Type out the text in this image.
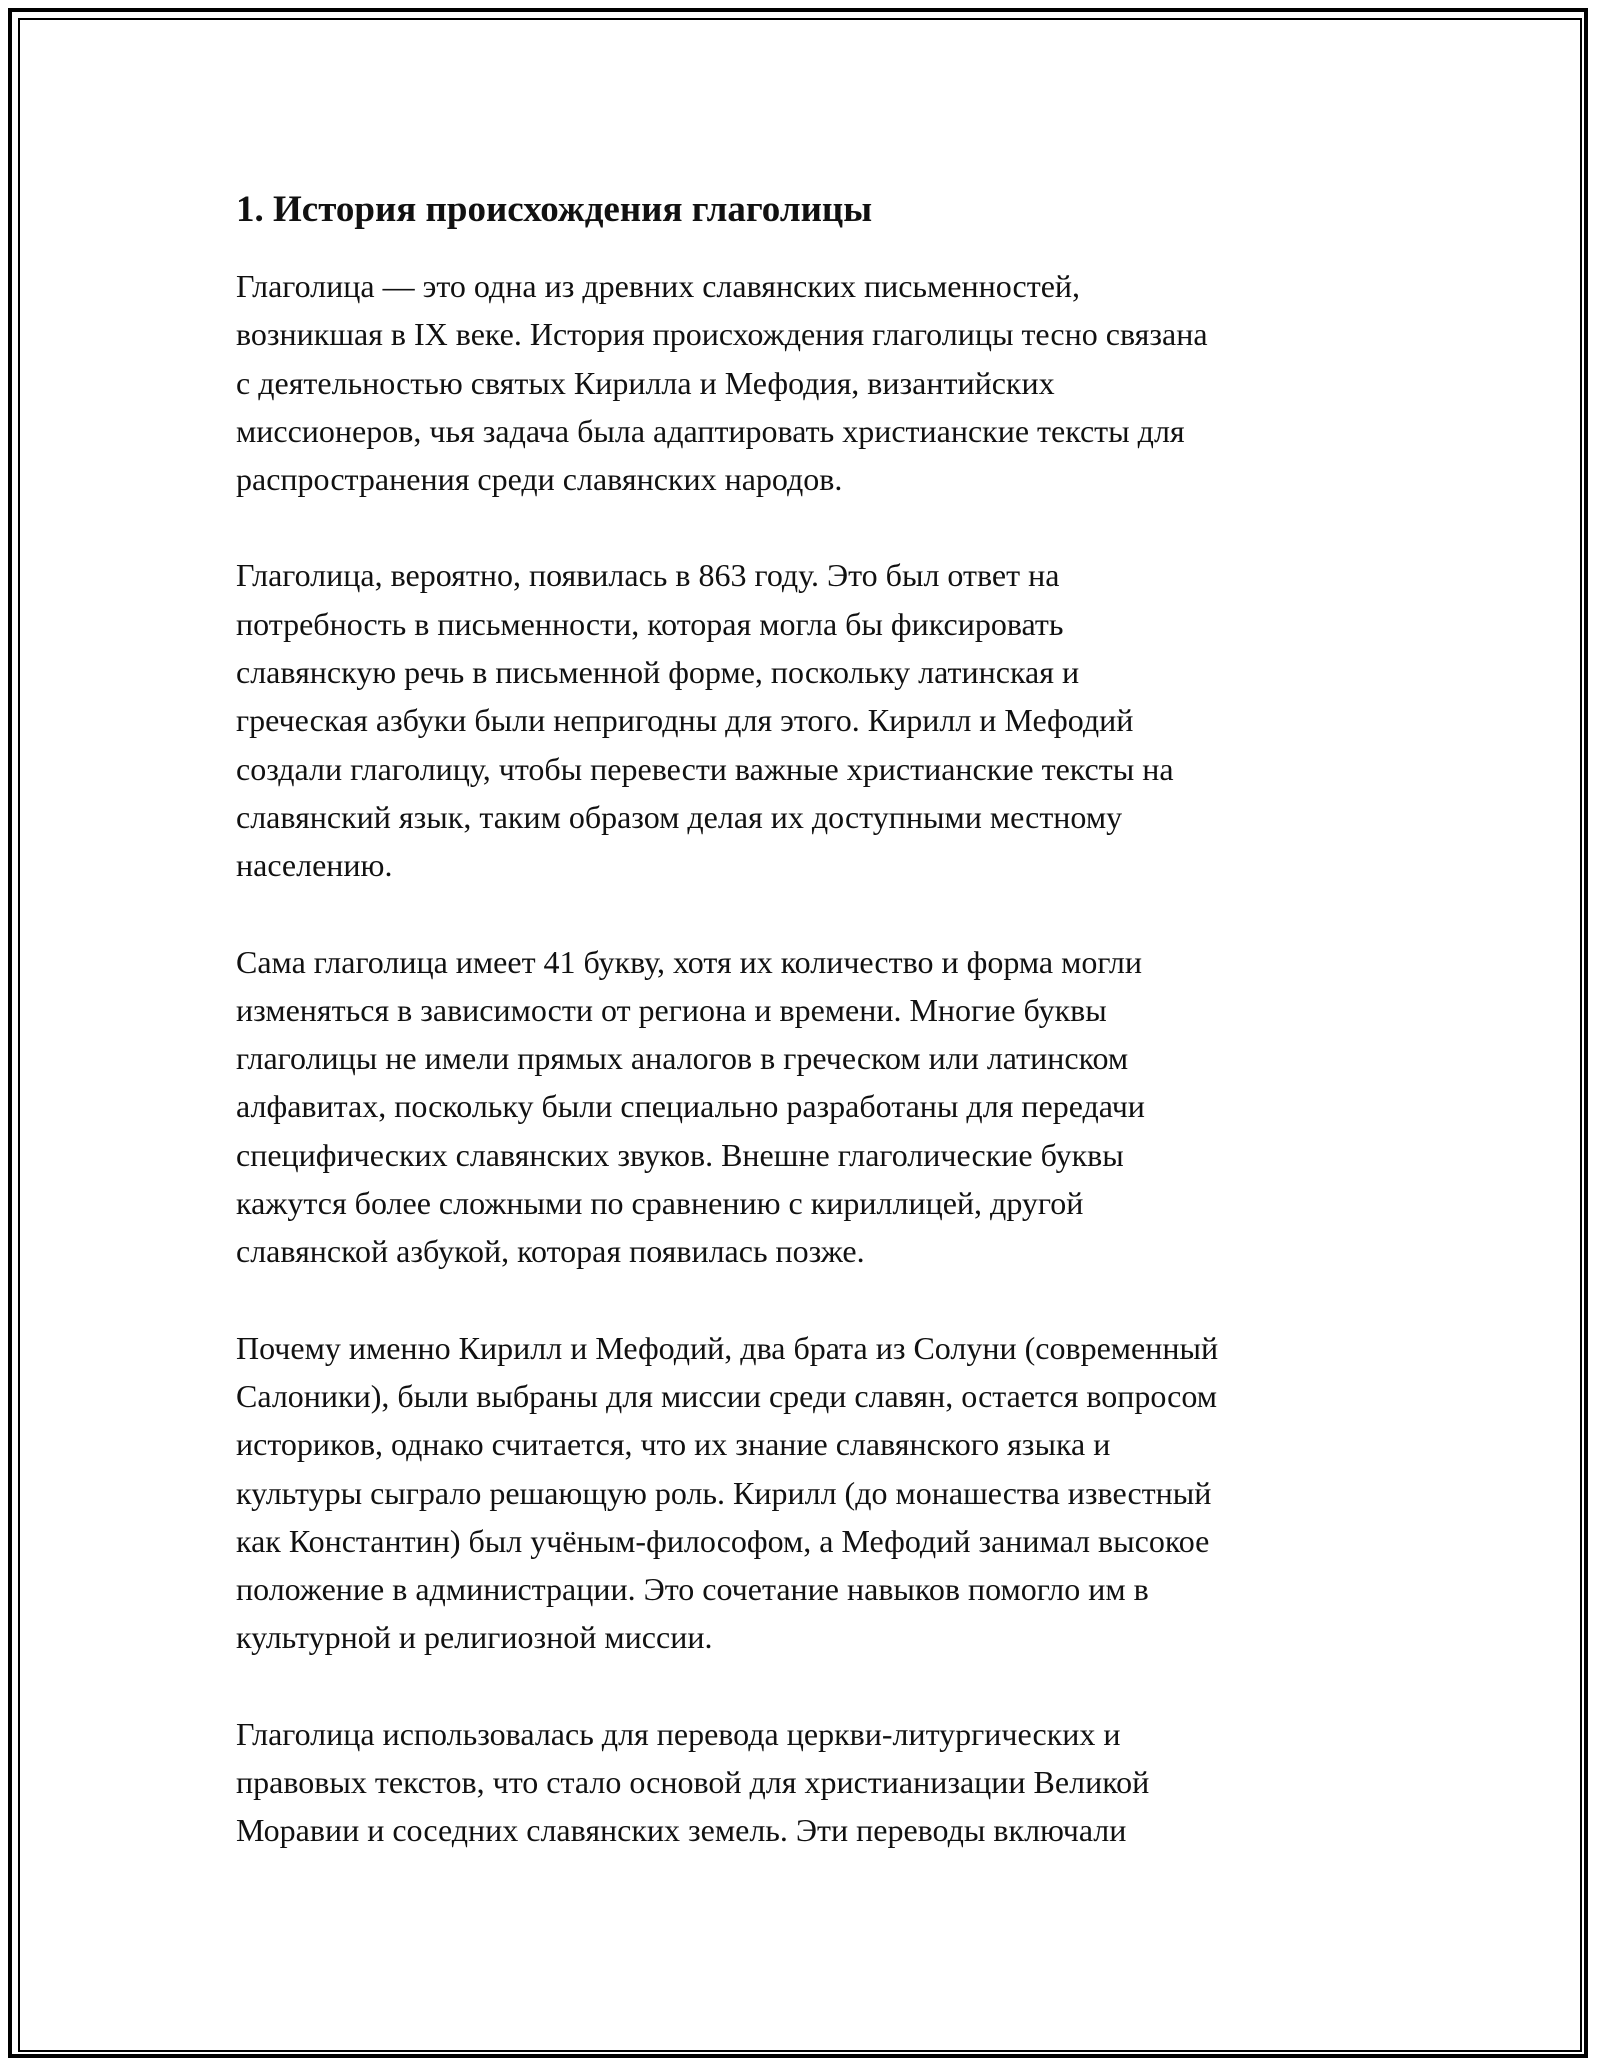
1. История происхождения глаголицы

Глаголица — это одна из древних славянских письменностей,
возникшая в IX веке. История происхождения глаголицы тесно связана
с деятельностью святых Кирилла и Мефодия, византийских
миссионеров, чья задача была адаптировать христианские тексты для
распространения среди славянских народов.

Глаголица, вероятно, появилась в 863 году. Это был ответ на
потребность в письменности, которая могла бы фиксировать
славянскую речь в письменной форме, поскольку латинская и
греческая азбуки были непригодны для этого. Кирилл и Мефодий
создали глаголицу, чтобы перевести важные христианские тексты на
славянский язык, таким образом делая их доступными местному
населению.

Сама глаголица имеет 41 букву, хотя их количество и форма могли
изменяться в зависимости от региона и времени. Многие буквы
глаголицы не имели прямых аналогов в греческом или латинском
алфавитах, поскольку были специально разработаны для передачи
специфических славянских звуков. Внешне глаголические буквы
кажутся более сложными по сравнению с кириллицей, другой
славянской азбукой, которая появилась позже.

Почему именно Кирилл и Мефодий, два брата из Солуни (современный
Салоники), были выбраны для миссии среди славян, остается вопросом
историков, однако считается, что их знание славянского языка и
культуры сыграло решающую роль. Кирилл (до монашества известный
как Константин) был учёным-философом, а Мефодий занимал высокое
положение в администрации. Это сочетание навыков помогло им в
культурной и религиозной миссии.

Глаголица использовалась для перевода церкви-литургических и
правовых текстов, что стало основой для христианизации Великой
Моравии и соседних славянских земель. Эти переводы включали
